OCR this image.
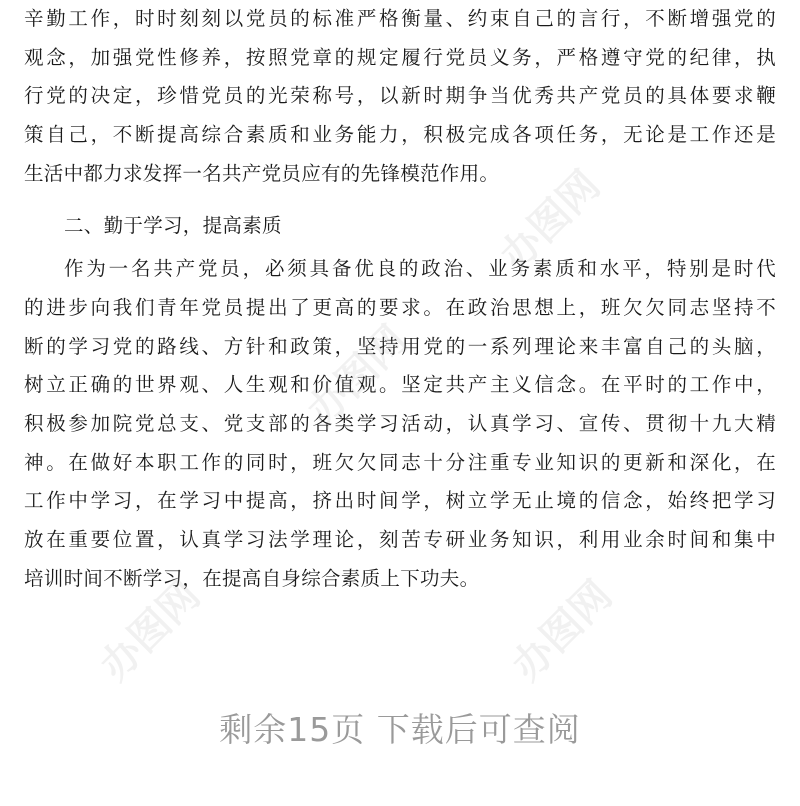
辛勤工作，时时刻刻以党员的标准严格衡量、约束自己的言行，不断增强党的
观念，加强党性修养，按照党章的规定履行党员义务，严格遵守党的纪律，执
行党的决定，珍惜党员的光荣称号，以新时期争当优秀共产党员的具体要求鞭
策自己，不断提高综合素质和业务能力，积极完成各项任务，无论是工作还是
生活中都力求发挥一名共产党员应有的先锋模范作用。
二、勤于学习，提高素质
作为一名共产党员，必须具备优良的政治、业务素质和水平，特别是时代
的进步向我们青年党员提出了更高的要求。在政治思想上，班欠欠同志坚持不
断的学习党的路线、方针和政策，坚持用党的一系列理论来丰富自己的头脑，
树立正确的世界观、人生观和价值观。坚定共产主义信念。在平时的工作中，
积极参加院党总支、党支部的各类学习活动，认真学习、宣传、贯彻十九大精
神。在做好本职工作的同时，班欠欠同志十分注重专业知识的更新和深化，在
工作中学习，在学习中提高，挤出时间学，树立学无止境的信念，始终把学习
放在重要位置，认真学习法学理论，刻苦专研业务知识，利用业余时间和集中
培训时间不断学习，在提高自身综合素质上下功夫。
办图网
办图网
办图网	办图网
剩余15页 下载后可查阅
